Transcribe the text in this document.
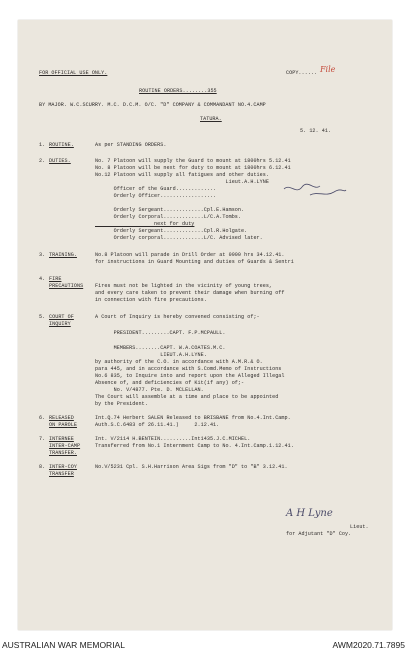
FOR OFFICIAL USE ONLY.	COPY...... File
ROUTINE ORDERS........355
BY MAJOR. W.C.SCURRY. M.C. D.C.M. O/C. "D" COMPANY & COMMANDANT NO.4.CAMP
TATURA.
5. 12. 41.
1. ROUTINE.	As per STANDING ORDERS.
2. DUTIES.	No. 7 Platoon will supply the Guard to mount at 1800hrs 5.12.41
No. 8 Platoon will be next for duty to mount at 1800hrs 6.12.41
No.12 Platoon will supply all fatigues and other duties.
Lieut.A.H.LYNE
Officer of the Guard.............
Orderly Officer..................
Orderly Sergeant.............Cpl.E.Hamson.
Orderly Corporal.............L/C.A.Tombs.
next for duty
Orderly Sergeant.............Cpl.R.Holgate.
Orderly corporal.............L/C. Advised later.
3. TRAINING.	No.8 Platoon will parade in Drill Order at 0900 hrs 34.12.41.
for instructions in Guard Mounting and duties of Guards & Sentri
4. FIRE
PRECAUTIONS Fires must not be lighted in the vicinity of young trees,
and every care taken to prevent their damage when burning off
in connection with fire precautions.
5. COURT OF
INQUIRY
A Court of Inquiry is hereby convened consisting of;-
PRESIDENT.........CAPT. F.P.MCPAULL.
MEMBERS........CAPT. W.A.COATES.M.C.
LIEUT.A.H.LYNE.
by authority of the C.O. in accordance with A.M.R.& O.
para 445, and in accordance with S.Comd.Memo of Instructions
No.6 835, to Inquire into and report upon the Alleged Illegal
Absence of, and deficiencies of Kit(if any) of;-
No. V/4877. Pte. D. MCLELLAN.
The Court will assemble at a time and place to be appointed
by the President.
6. RELEASED
ON PAROLE
Int.Q.74 Herbert SALEN Released to BRISBANE from No.4.Int.Camp.
Auth.S.C.6483 of 26.11.41.)     2.12.41.
7. INTERNEE
INTER-CAMP
TRANSFER.
Int. V/2114 H.BENTEIN..........Int1435.J.C.MICHEL.
Transferred from No.1 Internment Camp to No. 4.Int.Camp.1.12.41.
8. INTER-COY
TRANSFER
No.V/5231 Cpl. S.H.Harrison Area Sigs from "D" to "B" 3.12.41.
A H Lyne
Lieut.
for Adjutant "D" Coy.
AUSTRALIAN WAR MEMORIAL	AWM2020.71.7895
